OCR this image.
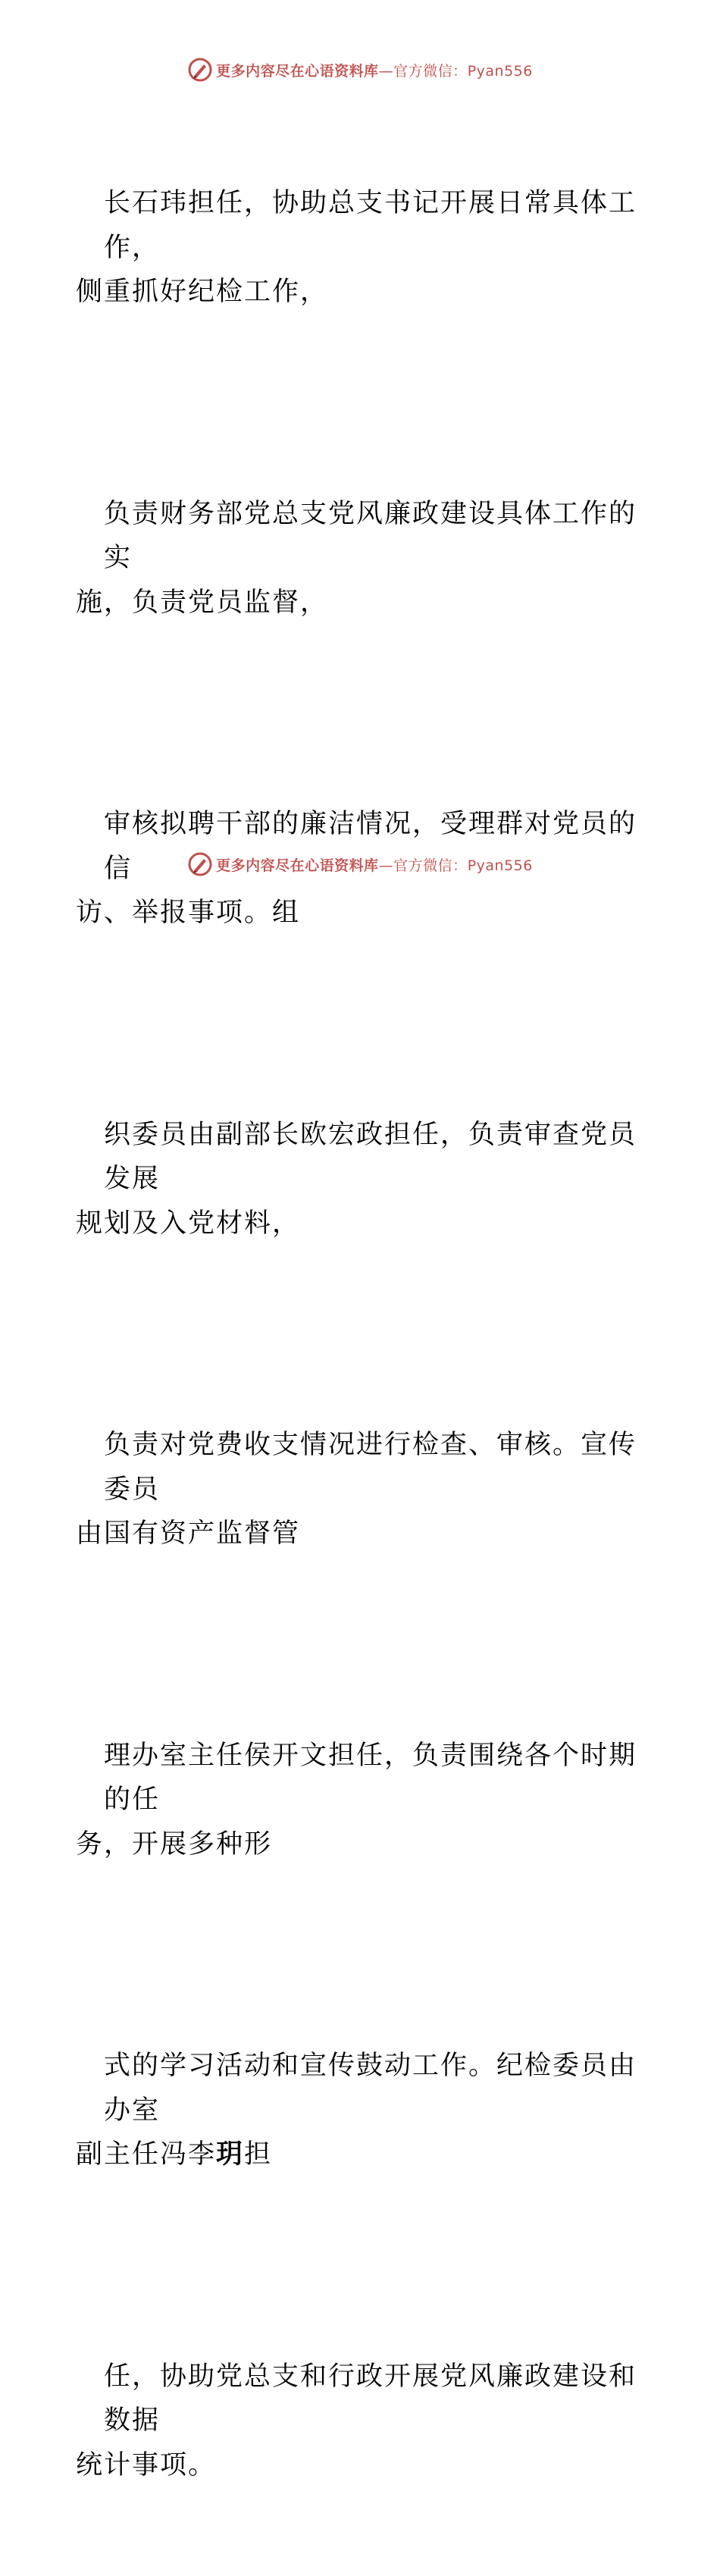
更多内容尽在心语资料库—官方微信：Pyan556

长石玮担任，协助总支书记开展日常具体工作，
侧重抓好纪检工作，

负责财务部党总支党风廉政建设具体工作的实
施，负责党员监督，

审核拟聘干部的廉洁情况，受理群对党员的信
访、举报事项。组

织委员由副部长欧宏政担任，负责审查党员发展
规划及入党材料，

负责对党费收支情况进行检查、审核。宣传委员
由国有资产监督管

理办室主任侯开文担任，负责围绕各个时期的任
务，开展多种形

式的学习活动和宣传鼓动工作。纪检委员由办室
副主任冯李玥担

任，协助党总支和行政开展党风廉政建设和数据
统计事项。

更多内容尽在心语资料库—官方微信：Pyan556
